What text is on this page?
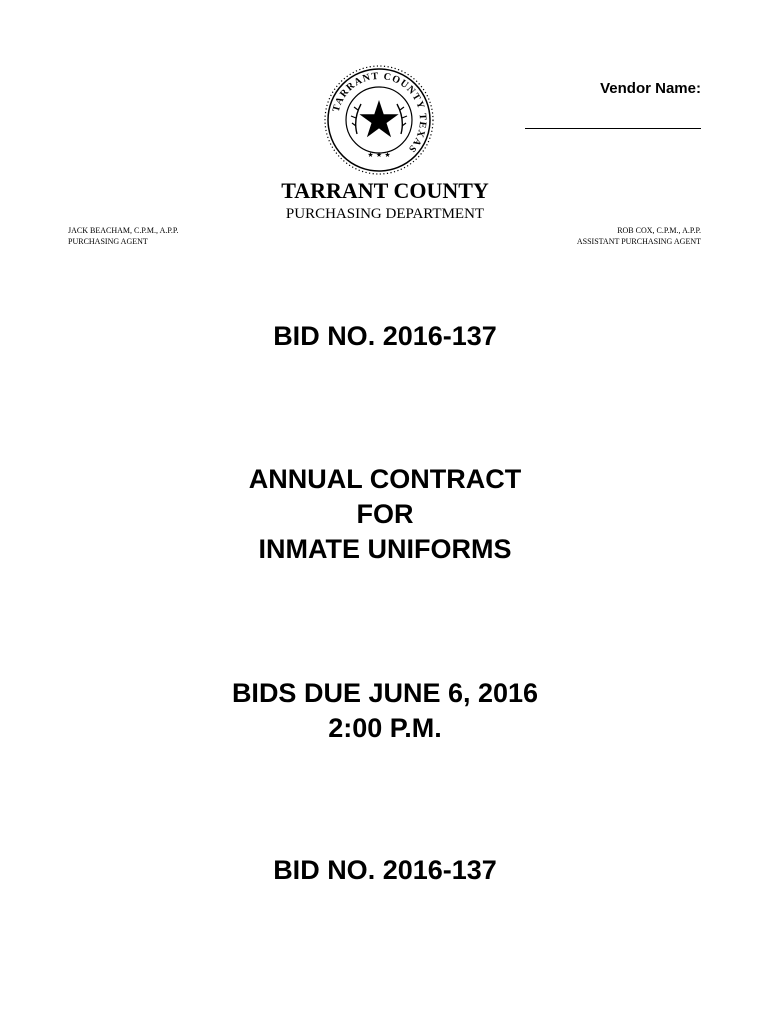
Vendor Name:
TARRANT COUNTY TEXAS
★ ★ ★
TARRANT COUNTY
PURCHASING DEPARTMENT
JACK BEACHAM, C.P.M., A.P.P.
PURCHASING AGENT
ROB COX, C.P.M., A.P.P.
ASSISTANT PURCHASING AGENT
BID NO. 2016-137
ANNUAL CONTRACT
FOR
INMATE UNIFORMS
BIDS DUE JUNE 6, 2016
2:00 P.M.
BID NO. 2016-137
